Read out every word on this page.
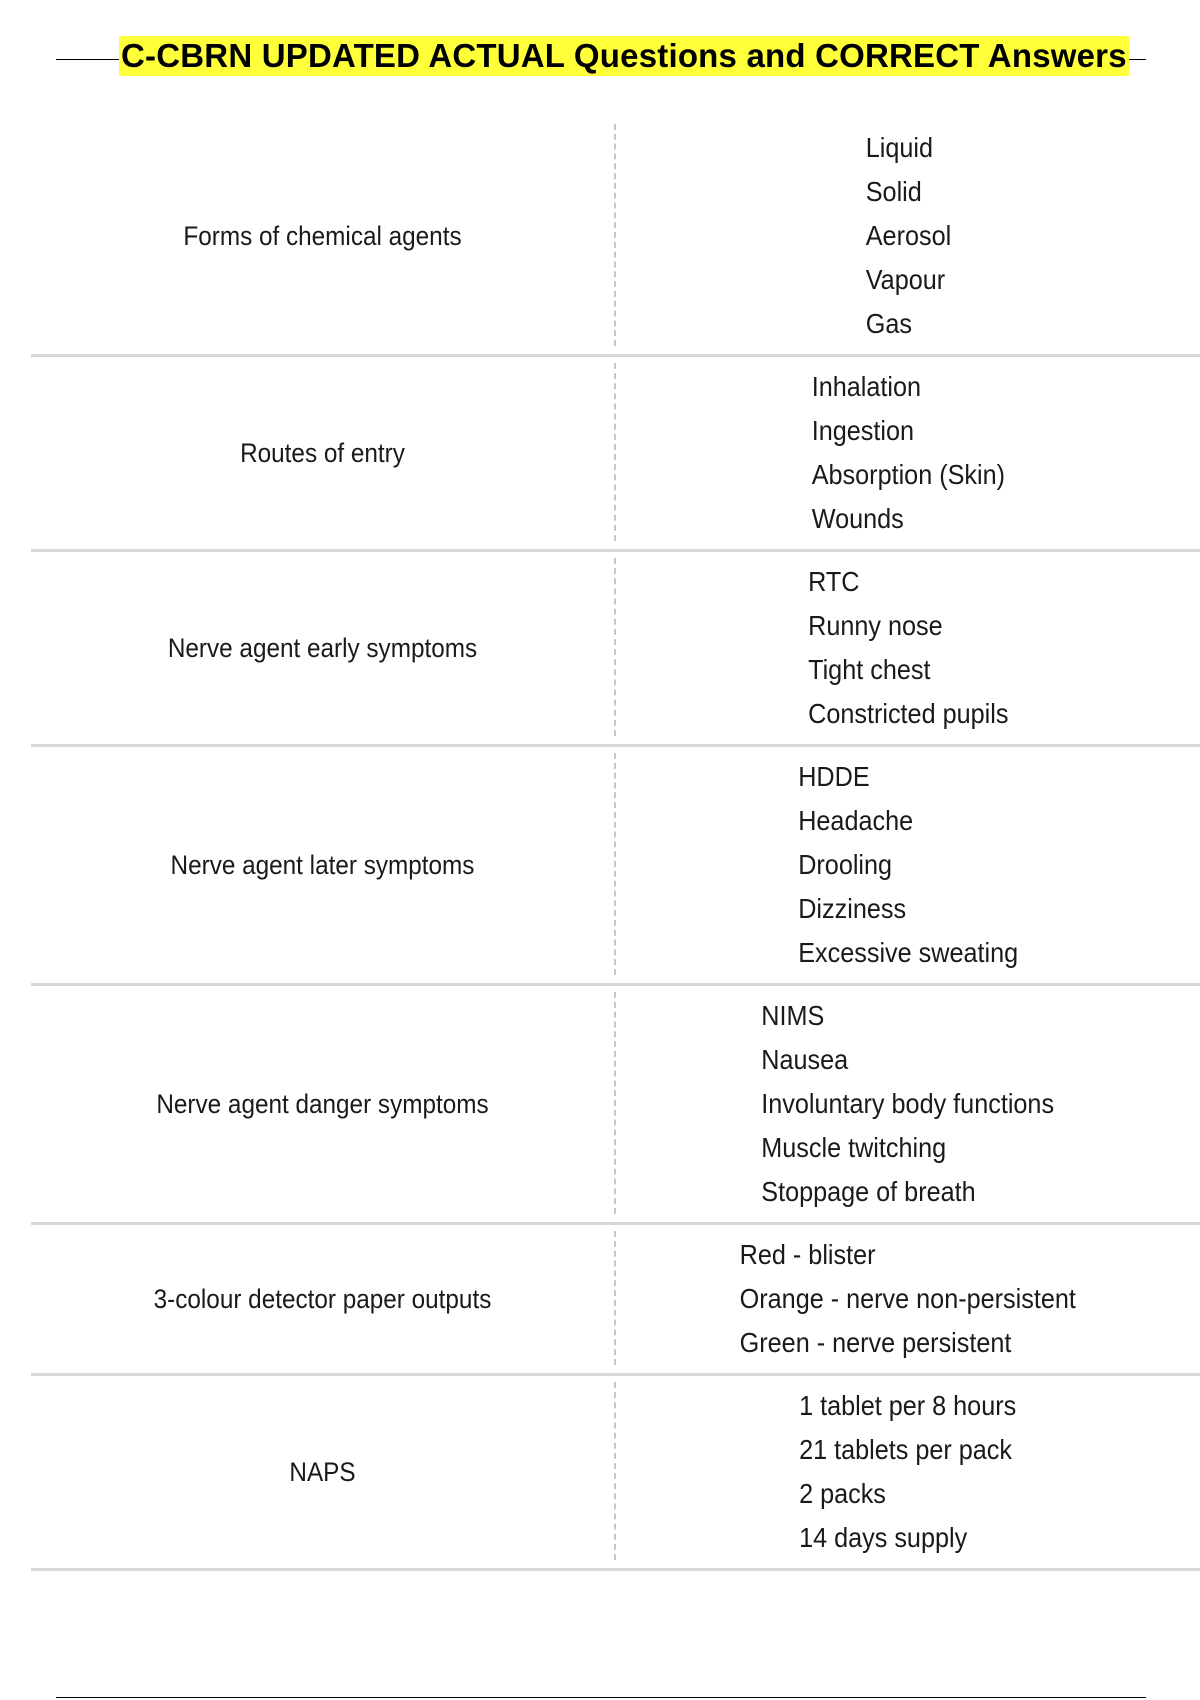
C-CBRN UPDATED ACTUAL Questions and CORRECT Answers
Forms of chemical agents
Liquid
Solid
Aerosol
Vapour
Gas
Routes of entry
Inhalation
Ingestion
Absorption (Skin)
Wounds
Nerve agent early symptoms
RTC
Runny nose
Tight chest
Constricted pupils
Nerve agent later symptoms
HDDE
Headache
Drooling
Dizziness
Excessive sweating
Nerve agent danger symptoms
NIMS
Nausea
Involuntary body functions
Muscle twitching
Stoppage of breath
3-colour detector paper outputs
Red - blister
Orange - nerve non-persistent
Green - nerve persistent
NAPS
1 tablet per 8 hours
21 tablets per pack
2 packs
14 days supply
